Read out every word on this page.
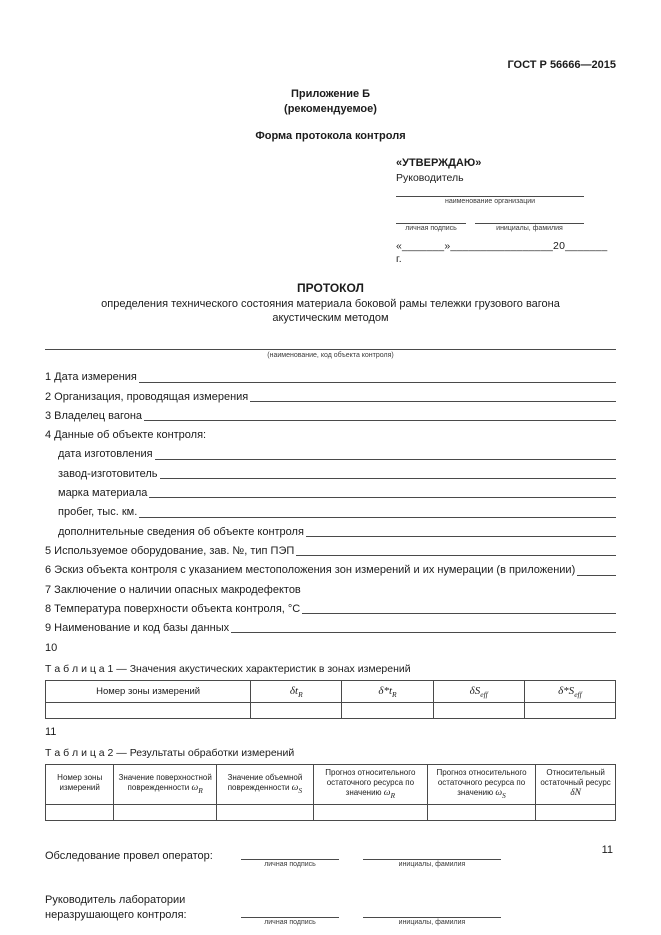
ГОСТ Р 56666—2015
Приложение Б
(рекомендуемое)
Форма протокола контроля
«УТВЕРЖДАЮ»
Руководитель
наименование организации
личная подпись	инициалы, фамилия
«_______»_________________20_______ г.
ПРОТОКОЛ
определения технического состояния материала боковой рамы тележки грузового вагона
акустическим методом
(наименование, код объекта контроля)
1 Дата измерения
2 Организация, проводящая измерения
3 Владелец вагона
4 Данные об объекте контроля:
дата изготовления
завод-изготовитель
марка материала
пробег, тыс. км.
дополнительные сведения об объекте контроля
5 Используемое оборудование, зав. №, тип ПЭП
6 Эскиз объекта контроля с указанием местоположения зон измерений и их нумерации (в приложении)
7 Заключение о наличии опасных макродефектов
8 Температура поверхности объекта контроля, °С
9 Наименование и код базы данных
10
Т а б л и ц а 1 — Значения акустических характеристик в зонах измерений
Номер зоны измерений	$\delta t_R$	$\delta*t_R$	$\delta S_{eff}$	$\delta*S_{eff}$

11
Т а б л и ц а 2 — Результаты обработки измерений
Номер зоны измерений	Значение поверхностной поврежденности $\omega_R$	Значение объемной поврежденности $\omega_S$	Прогноз относительного остаточного ресурса по значению $\omega_R$	Прогноз относительного остаточного ресурса по значению $\omega_S$	Относительный остаточный ресурс δN

Обследование провел оператор:
личная подпись	инициалы, фамилия
Руководитель лаборатории
неразрушающего контроля:
личная подпись	инициалы, фамилия
11
